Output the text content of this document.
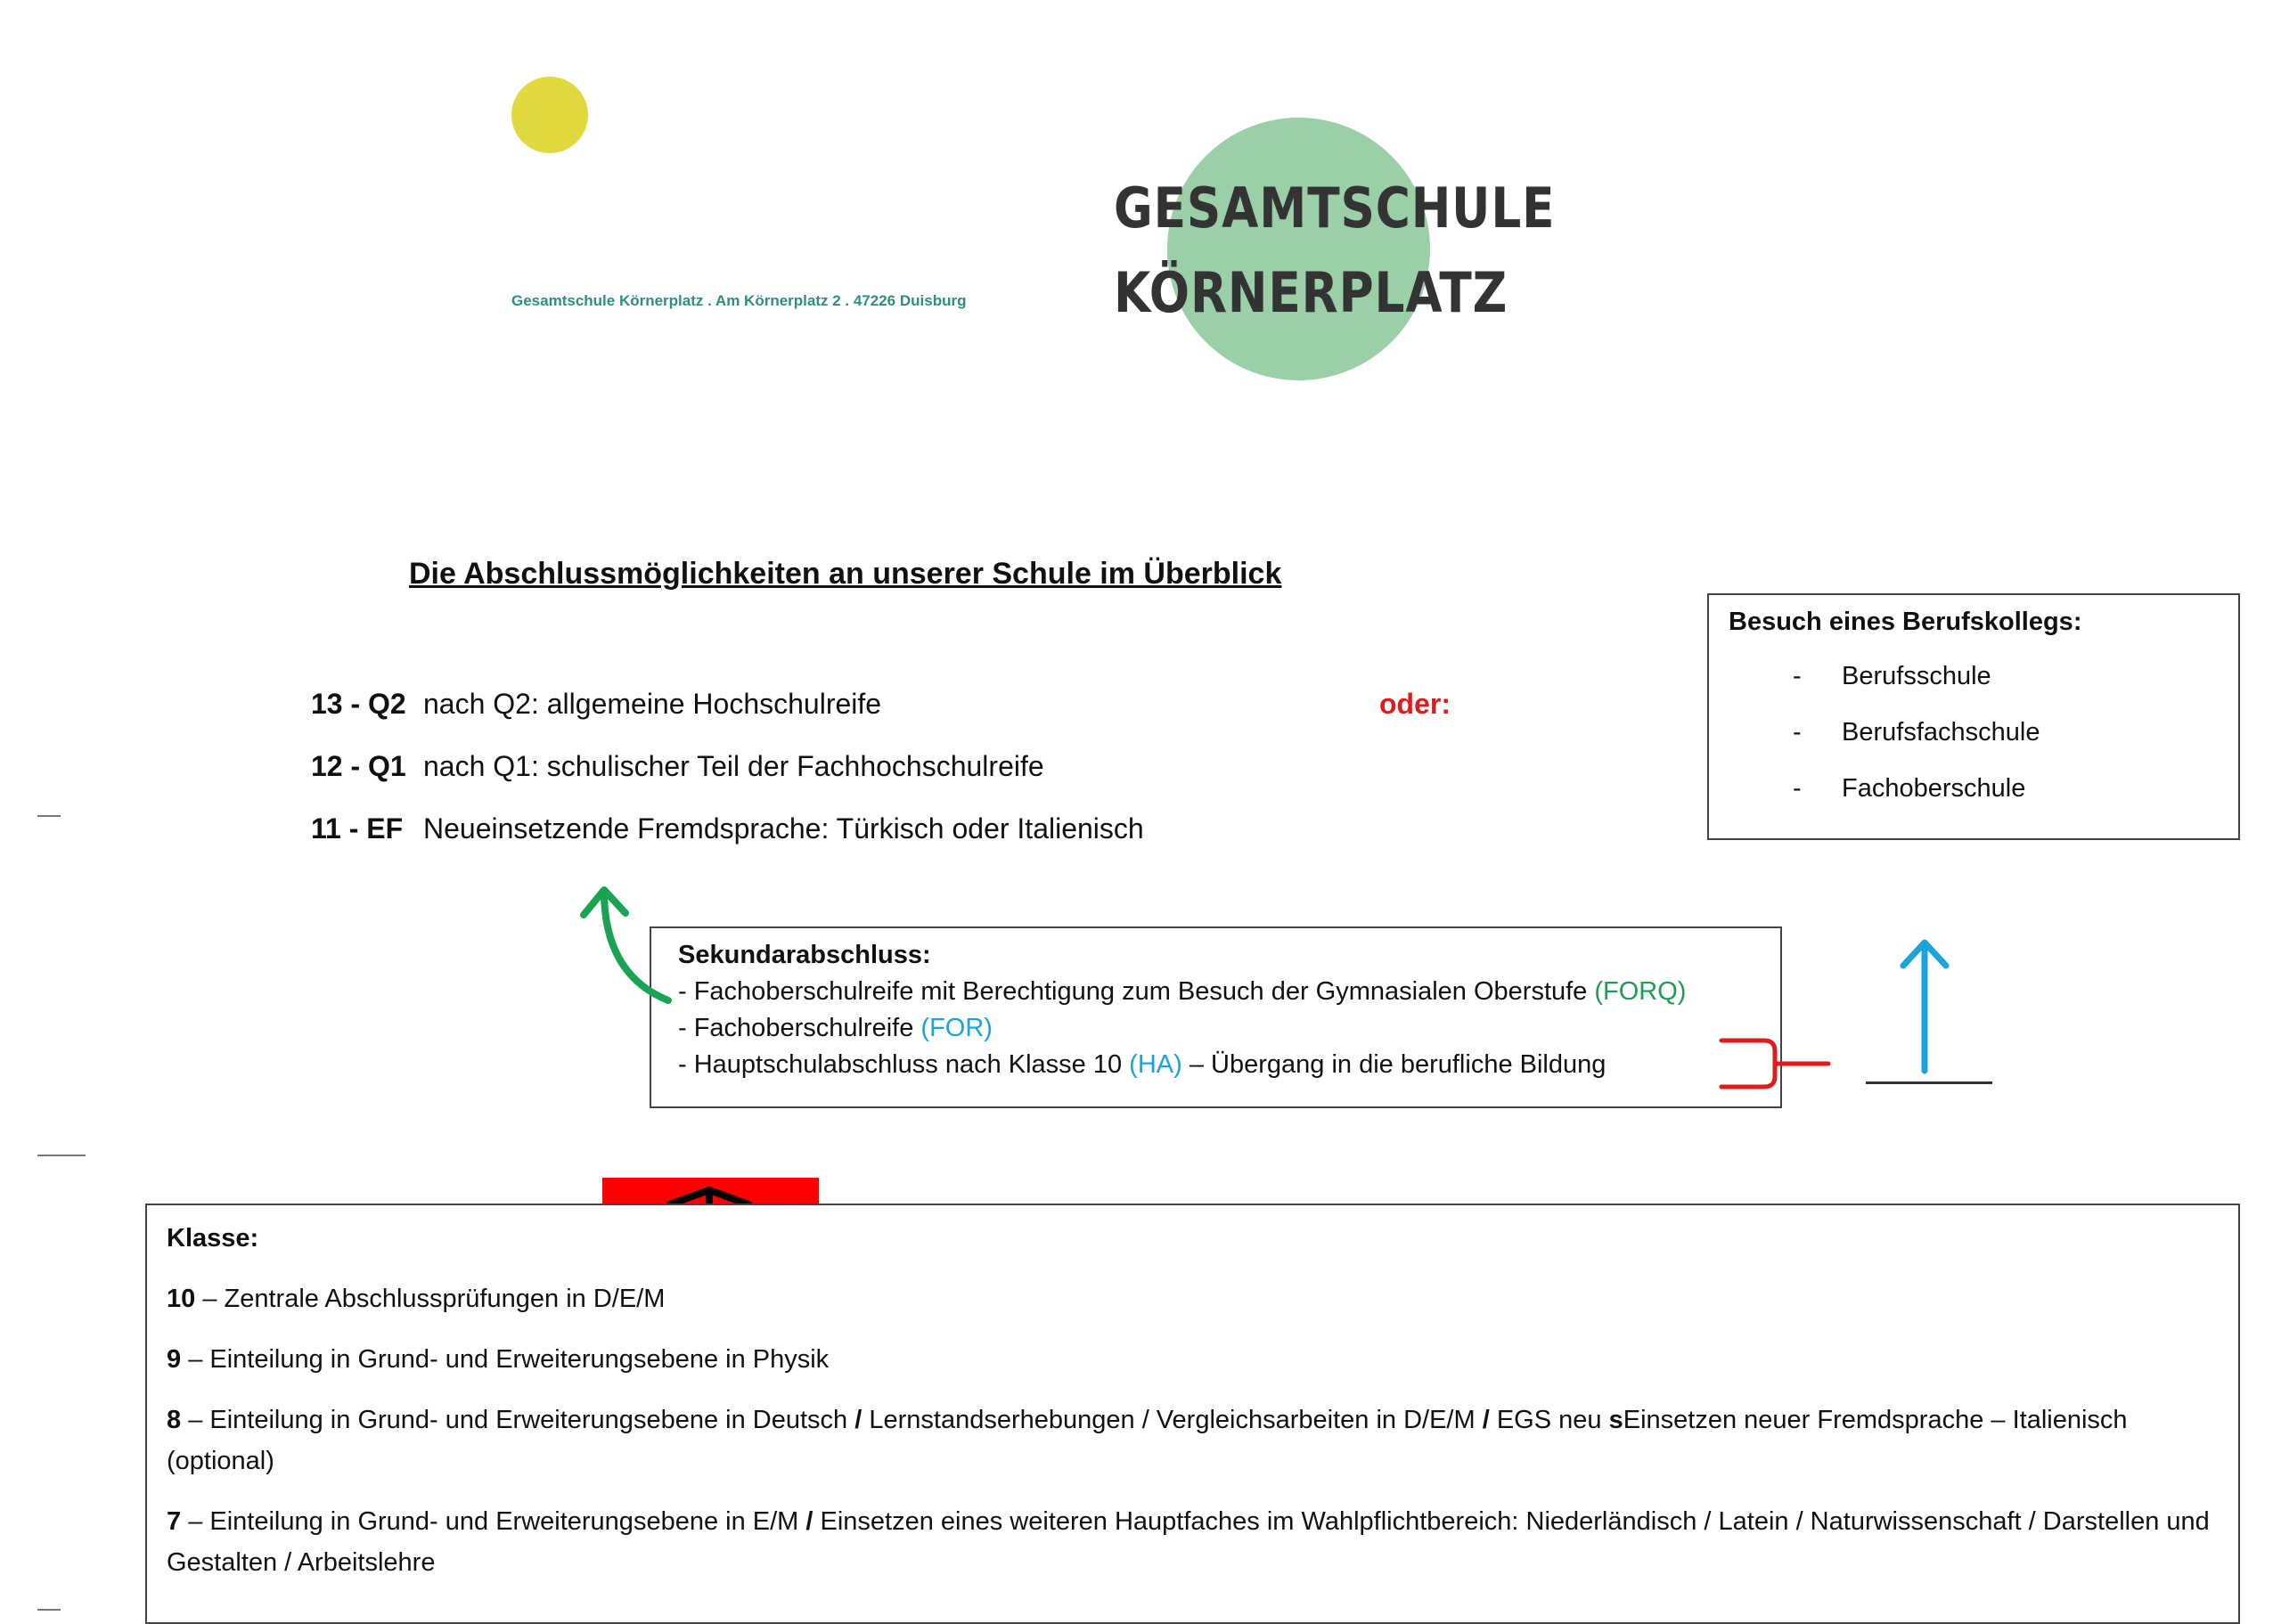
GESAMTSCHULE
KÖRNERPLATZ
Gesamtschule Körnerplatz . Am Körnerplatz 2 . 47226 Duisburg
Die Abschlussmöglichkeiten an unserer Schule im Überblick
13 - Q2 nach Q2: allgemeine Hochschulreife
12 - Q1 nach Q1: schulischer Teil der Fachhochschulreife
11 - EF Neueinsetzende Fremdsprache: Türkisch oder Italienisch
oder:
Besuch eines Berufskollegs:
- Berufsschule
- Berufsfachschule
- Fachoberschule
Sekundarabschluss:
- Fachoberschulreife mit Berechtigung zum Besuch der Gymnasialen Oberstufe (FORQ)
- Fachoberschulreife (FOR)
- Hauptschulabschluss nach Klasse 10 (HA) – Übergang in die berufliche Bildung
Klasse:
10 – Zentrale Abschlussprüfungen in D/E/M
9 – Einteilung in Grund- und Erweiterungsebene in Physik
8 – Einteilung in Grund- und Erweiterungsebene in Deutsch / Lernstandserhebungen / Vergleichsarbeiten in D/E/M / EGS neu sEinsetzen neuer Fremdsprache – Italienisch (optional)
7 – Einteilung in Grund- und Erweiterungsebene in E/M / Einsetzen eines weiteren Hauptfaches im Wahlpflichtbereich: Niederländisch / Latein / Naturwissenschaft / Darstellen und Gestalten / Arbeitslehre
